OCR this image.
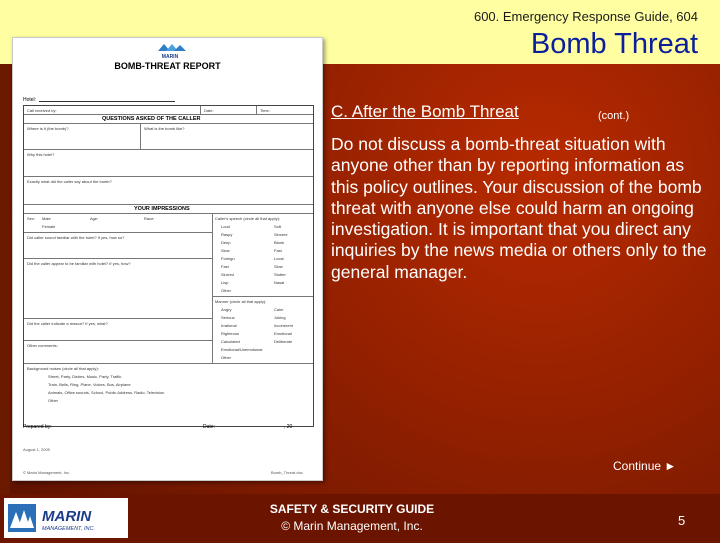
600. Emergency Response Guide, 604
Bomb Threat
MARIN
BOMB-THREAT REPORT
Hotel:
Call received by:	Date:	Time:
QUESTIONS ASKED OF THE CALLER
Where is it (the bomb)?	What is the bomb like?
Why this hotel?
Exactly what did the caller say about the bomb?
YOUR IMPRESSIONS
Sex: Male
Female
Age:	Race:	Caller's speech (circle all that apply):
Loud	Soft
Raspy	Sincere
Deep	Blank
Slow	Fast
Foreign	Local
Fast	Slow
Slurred	Stutter
Lisp	Nasal
Other
Did caller sound familiar with the hotel? If yes, how so?
Did the caller appear to be familiar with hotel? If yes, how?
Did the caller indicate a reason? If yes, what?
Other comments:
Manner (circle all that apply):
Angry	Calm
Serious	Joking
Irrational	Incoherent
Righteous	Emotional
Calculated	Deliberate
Emotional/Unemotional
Other
Background noises (circle all that apply):
Street, Party, Dishes, Music, Party, Traffic
Train, Bells, Ring, Plane, Voices, Bus, Airplane
Animals, Office sounds, School, Public Address, Radio, Television
Other
Prepared by:	Date:	, 20
August 1, 2005
© Marin Management, Inc.	Bomb_Threat.doc
C. After the Bomb Threat	(cont.)

Do not discuss a bomb-threat situation with anyone other than by reporting information as this policy outlines. Your discussion of the bomb threat with anyone else could harm an ongoing investigation. It is important that you direct any inquiries by the news media or others only to the general manager.

Continue ►
MARIN
MANAGEMENT, INC.
SAFETY & SECURITY GUIDE
© Marin Management, Inc.	5
